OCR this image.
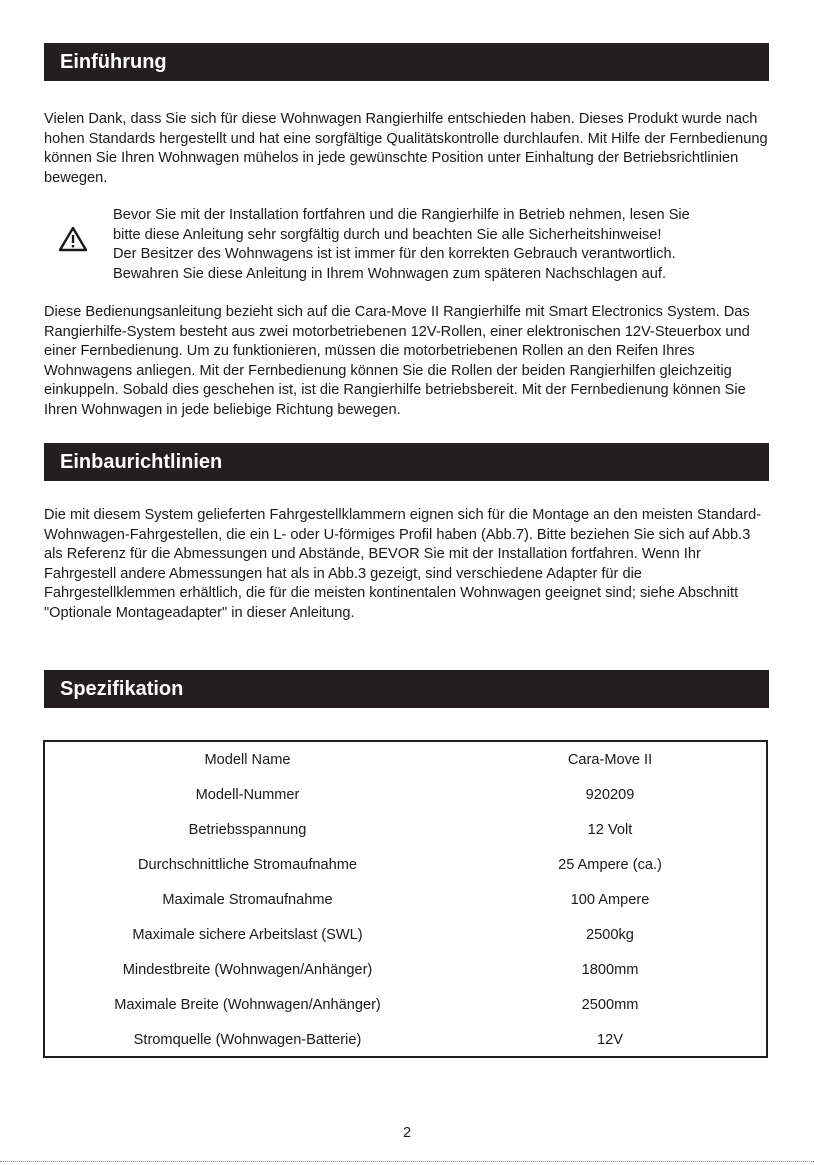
Einführung

Vielen Dank, dass Sie sich für diese Wohnwagen Rangierhilfe entschieden haben. Dieses Produkt wurde nach hohen Standards hergestellt und hat eine sorgfältige Qualitätskontrolle durchlaufen. Mit Hilfe der Fernbedienung können Sie Ihren Wohnwagen mühelos in jede gewünschte Position unter Einhaltung der Betriebsrichtlinien bewegen.

Bevor Sie mit der Installation fortfahren und die Rangierhilfe in Betrieb nehmen, lesen Sie

bitte diese Anleitung sehr sorgfältig durch und beachten Sie alle Sicherheitshinweise!

Der Besitzer des Wohnwagens ist ist immer für den korrekten Gebrauch verantwortlich.

Bewahren Sie diese Anleitung in Ihrem Wohnwagen zum späteren Nachschlagen auf.

Diese Bedienungsanleitung bezieht sich auf die Cara-Move II Rangierhilfe mit Smart Electronics System. Das Rangierhilfe-System besteht aus zwei motorbetriebenen 12V-Rollen, einer elektronischen 12V-Steuerbox und einer Fernbedienung. Um zu funktionieren, müssen die motorbetriebenen Rollen an den Reifen Ihres Wohnwagens anliegen. Mit der Fernbedienung können Sie die Rollen der beiden Rangierhilfen gleichzeitig einkuppeln. Sobald dies geschehen ist, ist die Rangierhilfe betriebsbereit. Mit der Fernbedienung können Sie Ihren Wohnwagen in jede beliebige Richtung bewegen.

Einbaurichtlinien

Die mit diesem System gelieferten Fahrgestellklammern eignen sich für die Montage an den meisten Standard-Wohnwagen-Fahrgestellen, die ein L- oder U-förmiges Profil haben (Abb.7). Bitte beziehen Sie sich auf Abb.3 als Referenz für die Abmessungen und Abstände, BEVOR Sie mit der Installation fortfahren. Wenn Ihr Fahrgestell andere Abmessungen hat als in Abb.3 gezeigt, sind verschiedene Adapter für die Fahrgestellklemmen erhältlich, die für die meisten kontinentalen Wohnwagen geeignet sind; siehe Abschnitt "Optionale Montageadapter" in dieser Anleitung.

Spezifikation
Modell Name	Cara-Move II
Modell-Nummer	920209
Betriebsspannung	12 Volt
Durchschnittliche Stromaufnahme	25 Ampere (ca.)
Maximale Stromaufnahme	100 Ampere
Maximale sichere Arbeitslast (SWL)	2500kg
Mindestbreite (Wohnwagen/Anhänger)	1800mm
Maximale Breite (Wohnwagen/Anhänger)	2500mm
Stromquelle (Wohnwagen-Batterie)	12V
2
